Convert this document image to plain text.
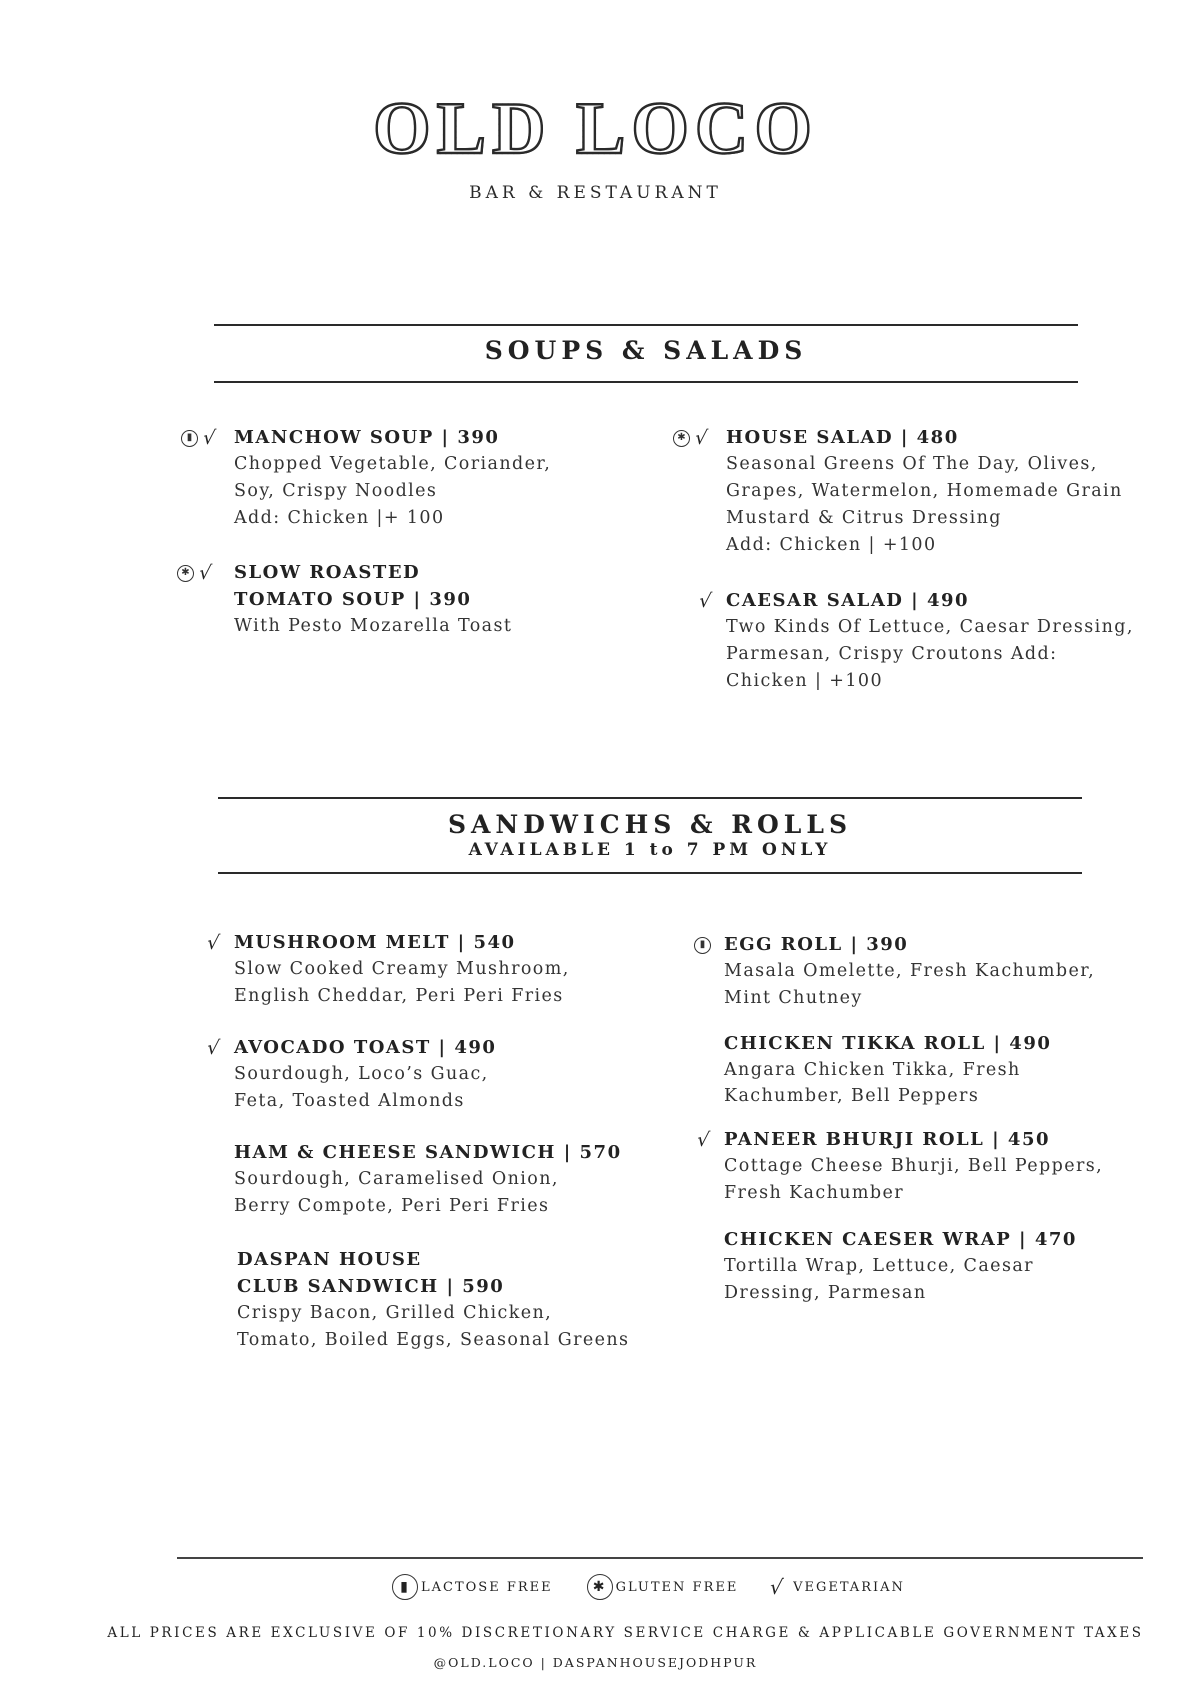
OLD LOCO
BAR & RESTAURANT
SOUPS & SALADS
▮ √ MANCHOW SOUP | 390
Chopped Vegetable, Coriander,
Soy, Crispy Noodles
Add: Chicken |+ 100
✱ √ SLOW ROASTED
TOMATO SOUP | 390
With Pesto Mozarella Toast
✱ √ HOUSE SALAD | 480
Seasonal Greens Of The Day, Olives,
Grapes, Watermelon, Homemade Grain
Mustard & Citrus Dressing
Add: Chicken | +100
√ CAESAR SALAD | 490
Two Kinds Of Lettuce, Caesar Dressing,
Parmesan, Crispy Croutons Add:
Chicken | +100
SANDWICHS & ROLLS
AVAILABLE 1 to 7 PM ONLY
√ MUSHROOM MELT | 540
Slow Cooked Creamy Mushroom,
English Cheddar, Peri Peri Fries
√ AVOCADO TOAST | 490
Sourdough, Loco’s Guac,
Feta, Toasted Almonds
HAM & CHEESE SANDWICH | 570
Sourdough, Caramelised Onion,
Berry Compote, Peri Peri Fries
DASPAN HOUSE
CLUB SANDWICH | 590
Crispy Bacon, Grilled Chicken,
Tomato, Boiled Eggs, Seasonal Greens
▮	EGG ROLL | 390
Masala Omelette, Fresh Kachumber,
Mint Chutney
CHICKEN TIKKA ROLL | 490
Angara Chicken Tikka, Fresh
Kachumber, Bell Peppers
√ PANEER BHURJI ROLL | 450
Cottage Cheese Bhurji, Bell Peppers,
Fresh Kachumber
CHICKEN CAESER WRAP | 470
Tortilla Wrap, Lettuce, Caesar
Dressing, Parmesan
▮ LACTOSE FREE	✱ GLUTEN FREE √ VEGETARIAN
ALL PRICES ARE EXCLUSIVE OF 10% DISCRETIONARY SERVICE CHARGE & APPLICABLE GOVERNMENT TAXES
@OLD.LOCO | DASPANHOUSEJODHPUR
